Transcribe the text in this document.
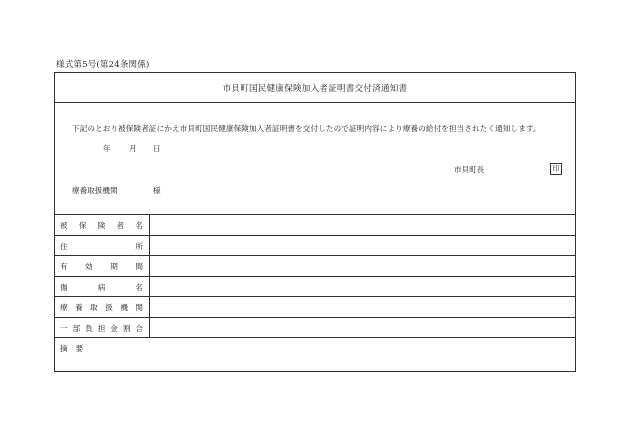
様式第5号(第24条関係)
市貝町国民健康保険加入者証明書交付済通知書
下記のとおり被保険者証にかえ市貝町国民健康保険加入者証明書を交付したので証明内容により療養の給付を担当されたく通知します。
年 月 日
市貝町長	印
療養取扱機関	様
被 保 険 者 名
住	所
有 効 期 間
傷	病	名
療 養 取 扱 機 関
一 部 負 担 金 割 合
摘要
